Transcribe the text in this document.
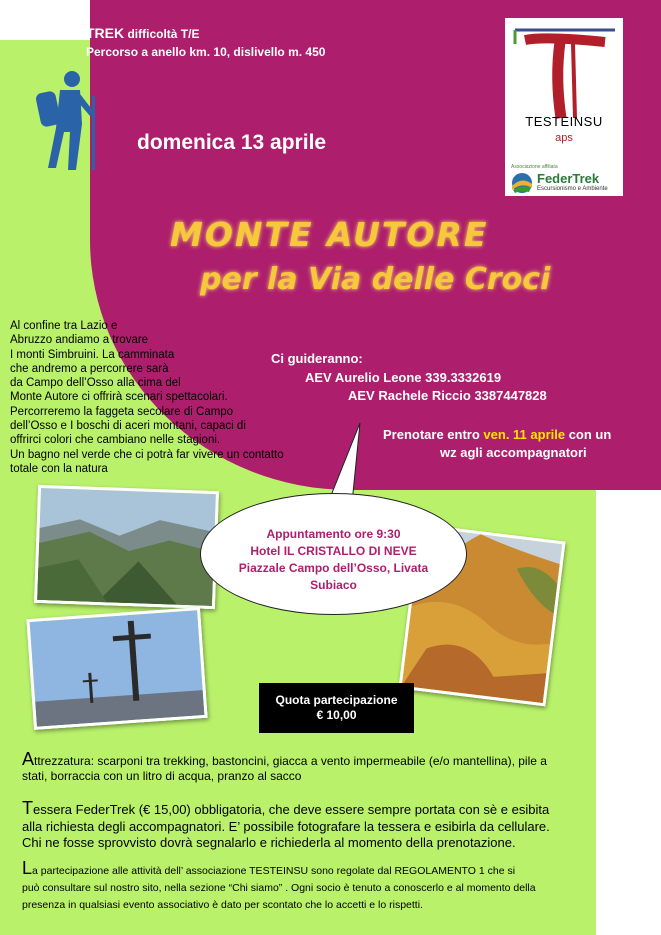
TREK difficoltà T/E
Percorso a anello km. 10, dislivello m. 450
domenica 13 aprile
TESTEINSU
aps
Associazione affiliata
FederTrek
Escursionismo e Ambiente
MONTE AUTORE
per la Via delle Croci
Al confine tra Lazio e
Abruzzo andiamo a trovare
I monti Simbruini. La camminata
che andremo a percorrere sarà
da Campo dell’Osso alla cima del
Monte Autore ci offrirà scenari spettacolari.
Percorreremo la faggeta secolare di Campo
dell’Osso e I boschi di aceri montani, capaci di
offrirci colori che cambiano nelle stagioni.
Un bagno nel verde che ci potrà far vivere un contatto
totale con la natura
Ci guideranno:
AEV Aurelio Leone 339.3332619
AEV Rachele Riccio 3387447828
Prenotare entro ven. 11 aprile con un
wz agli accompagnatori
Appuntamento ore 9:30
Hotel IL CRISTALLO DI NEVE
Piazzale Campo dell’Osso, Livata
Subiaco
Quota partecipazione
€ 10,00
Attrezzatura: scarponi tra trekking, bastoncini, giacca a vento impermeabile (e/o mantellina), pile a
stati, borraccia con un litro di acqua, pranzo al sacco
Tessera FederTrek (€ 15,00) obbligatoria, che deve essere sempre portata con sè e esibita
alla richiesta degli accompagnatori. E’ possibile fotografare la tessera e esibirla da cellulare.
Chi ne fosse sprovvisto dovrà segnalarlo e richiederla al momento della prenotazione.
La partecipazione alle attività dell’ associazione TESTEINSU sono regolate dal REGOLAMENTO 1 che si
può consultare sul nostro sito, nella sezione “Chi siamo” . Ogni socio è tenuto a conoscerlo e al momento della
presenza in qualsiasi evento associativo è dato per scontato che lo accetti e lo rispetti.
